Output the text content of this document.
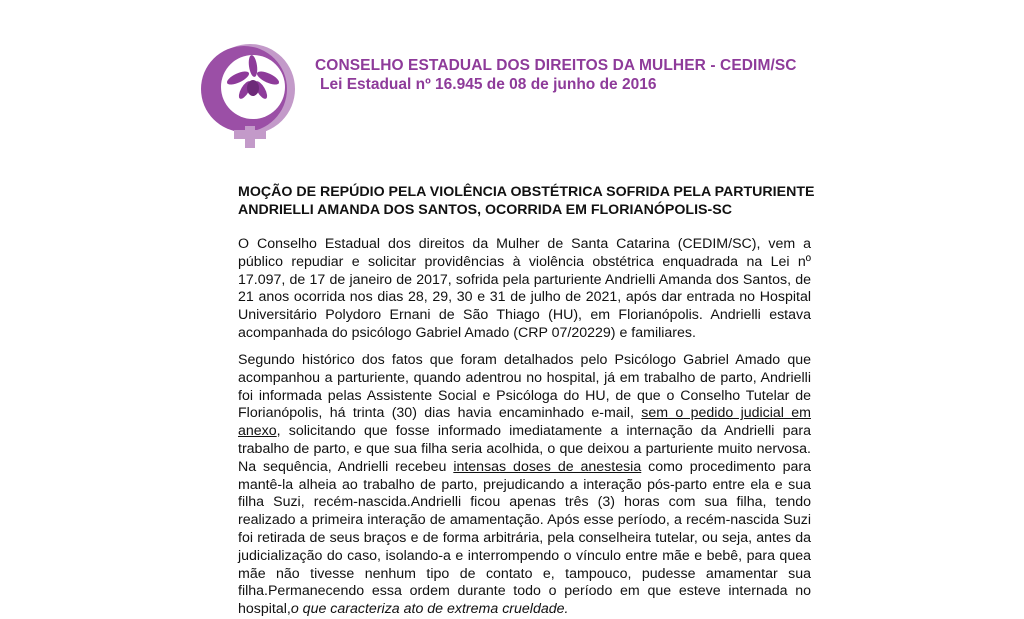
CONSELHO ESTADUAL DOS DIREITOS DA MULHER - CEDIM/SC
Lei Estadual nº 16.945 de 08 de junho de 2016
MOÇÃO DE REPÚDIO PELA VIOLÊNCIA OBSTÉTRICA SOFRIDA PELA PARTURIENTE
ANDRIELLI AMANDA DOS SANTOS, OCORRIDA EM FLORIANÓPOLIS-SC

O Conselho Estadual dos direitos da Mulher de Santa Catarina (CEDIM/SC), vem a público repudiar e solicitar providências à violência obstétrica enquadrada na Lei nº 17.097, de 17 de janeiro de 2017, sofrida pela parturiente Andrielli Amanda dos Santos, de 21 anos ocorrida nos dias 28, 29, 30 e 31 de julho de 2021, após dar entrada no Hospital Universitário Polydoro Ernani de São Thiago (HU), em Florianópolis. Andrielli estava acompanhada do psicólogo Gabriel Amado (CRP 07/20229) e familiares.

Segundo histórico dos fatos que foram detalhados pelo Psicólogo Gabriel Amado que acompanhou a parturiente, quando adentrou no hospital, já em trabalho de parto, Andrielli foi informada pelas Assistente Social e Psicóloga do HU, de que o Conselho Tutelar de Florianópolis, há trinta (30) dias havia encaminhado e-mail, sem o pedido judicial em anexo, solicitando que fosse informado imediatamente a internação da Andrielli para trabalho de parto, e que sua filha seria acolhida, o que deixou a parturiente muito nervosa. Na sequência, Andrielli recebeu intensas doses de anestesia como procedimento para mantê-la alheia ao trabalho de parto, prejudicando a interação pós-parto entre ela e sua filha Suzi, recém-nascida.Andrielli ficou apenas três (3) horas com sua filha, tendo realizado a primeira interação de amamentação. Após esse período, a recém-nascida Suzi foi retirada de seus braços e de forma arbitrária, pela conselheira tutelar, ou seja, antes da judicialização do caso, isolando-a e interrompendo o vínculo entre mãe e bebê, para quea mãe não tivesse nenhum tipo de contato e, tampouco, pudesse amamentar sua filha.Permanecendo essa ordem durante todo o período em que esteve internada no hospital,o que caracteriza ato de extrema crueldade.
